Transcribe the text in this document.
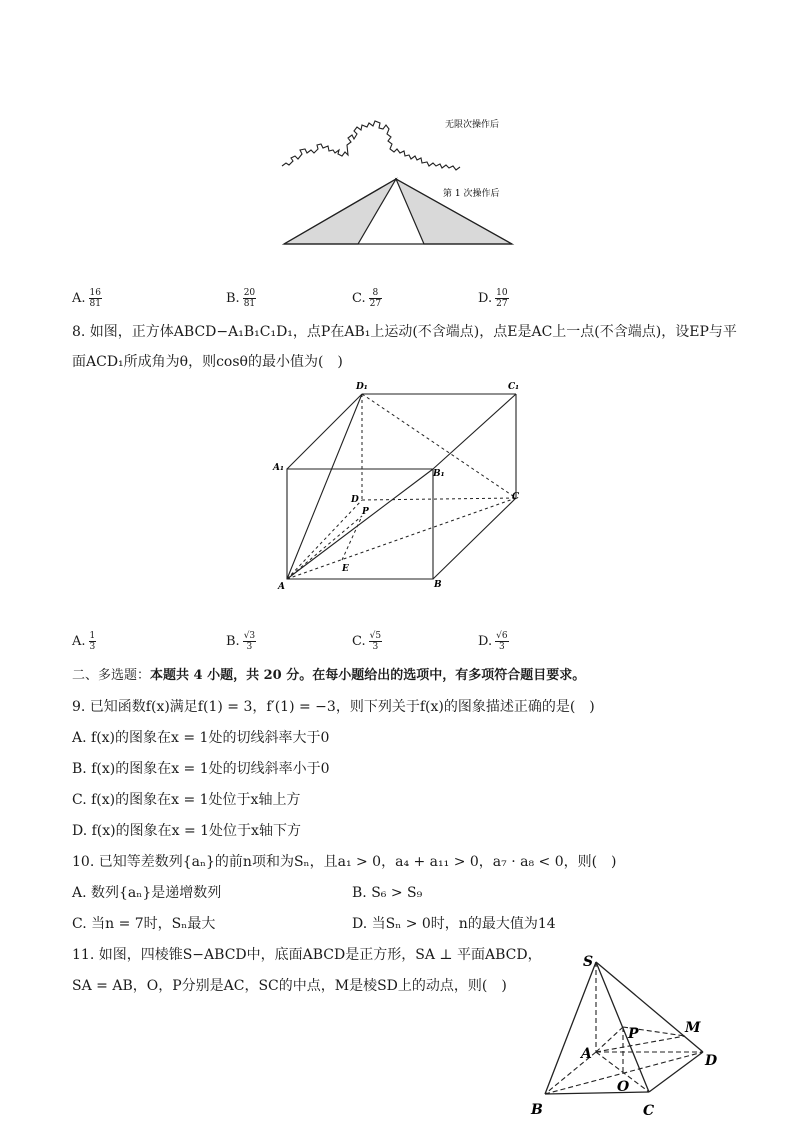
无限次操作后
第 1 次操作后
A. $\frac{16}{81}$	B. $\frac{20}{81}$	C. $\frac{8}{27}$	D. $\frac{10}{27}$
8. 如图，正方体ABCD−A₁B₁C₁D₁，点P在AB₁上运动(不含端点)，点E是AC上一点(不含端点)，设EP与平
面ACD₁所成角为θ，则cosθ的最小值为(　)
D₁	C₁
A₁
B₁
D	C
P
E
A	B
A. $\frac{1}{3}$	B. $\frac{√3}{3}$	C. $\frac{√5}{3}$	D. $\frac{√6}{3}$
二、多选题：本题共 4 小题，共 20 分。在每小题给出的选项中，有多项符合题目要求。
9. 已知函数f(x)满足f(1) = 3，f′(1) = −3，则下列关于f(x)的图象描述正确的是(　)
A. f(x)的图象在x = 1处的切线斜率大于0
B. f(x)的图象在x = 1处的切线斜率小于0
C. f(x)的图象在x = 1处位于x轴上方
D. f(x)的图象在x = 1处位于x轴下方
10. 已知等差数列{aₙ}的前n项和为Sₙ，且a₁ > 0，a₄ + a₁₁ > 0，a₇ · a₈ < 0，则(　)
A. 数列{aₙ}是递增数列	B. S₆ > S₉
C. 当n = 7时，Sₙ最大	D. 当Sₙ > 0时，n的最大值为14
11. 如图，四棱锥S−ABCD中，底面ABCD是正方形，SA ⊥ 平面ABCD，
SA = AB，O，P分别是AC，SC的中点，M是棱SD上的动点，则(　)
S
P	M
A	D
O
B	C
